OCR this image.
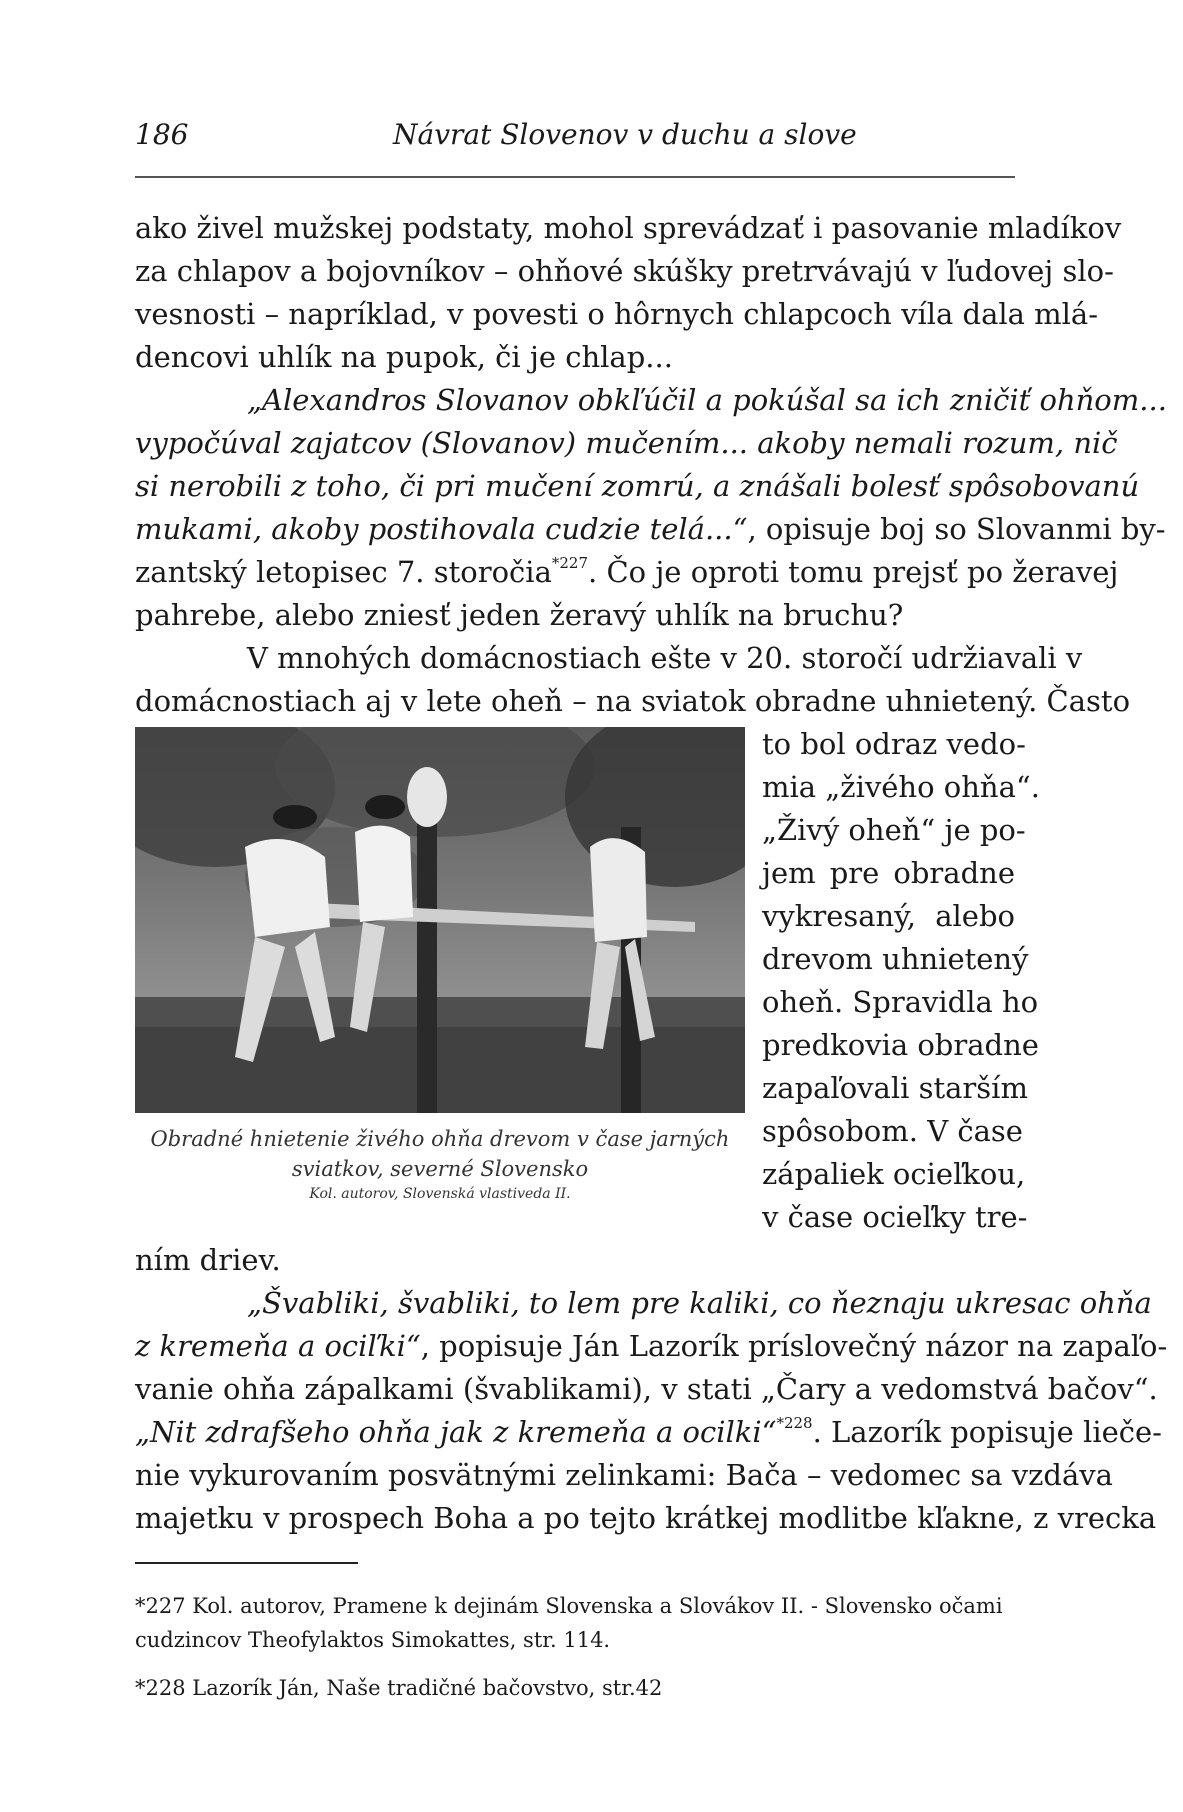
186	Návrat Slovenov v duchu a slove
ako živel mužskej podstaty, mohol sprevádzať i pasovanie mladíkov
za chlapov a bojovníkov – ohňové skúšky pretrvávajú v ľudovej slo-
vesnosti – napríklad, v povesti o hôrnych chlapcoch víla dala mlá-
dencovi uhlík na pupok, či je chlap...
„Alexandros Slovanov obkľúčil a pokúšal sa ich zničiť ohňom...
vypočúval zajatcov (Slovanov) mučením... akoby nemali rozum, nič
si nerobili z toho, či pri mučení zomrú, a znášali bolesť spôsobovanú
mukami, akoby postihovala cudzie telá...“, opisuje boj so Slovanmi by-
zantský letopisec 7. storočia$^{*227}$. Čo je oproti tomu prejsť po žeravej
pahrebe, alebo zniesť jeden žeravý uhlík na bruchu?
V mnohých domácnostiach ešte v 20. storočí udržiavali v
domácnostiach aj v lete oheň – na sviatok obradne uhnietený. Často
to bol odraz vedo-
mia „živého ohňa“.
„Živý oheň“ je po-
jem pre obradne
vykresaný, alebo
drevom uhnietený
oheň. Spravidla ho
predkovia obradne
zapaľovali starším
spôsobom. V čase
zápaliek ocieľkou,
v čase ocieľky tre-
Obradné hnietenie živého ohňa drevom v čase jarných
sviatkov, severné Slovensko
Kol. autorov, Slovenská vlastiveda II.
ním driev.
„Švabliki, švabliki, to lem pre kaliki, co ňeznaju ukresac ohňa
z kremeňa a ociľki“, popisuje Ján Lazorík príslovečný názor na zapaľo-
vanie ohňa zápalkami (švablikami), v stati „Čary a vedomstvá bačov“.
„Nit zdrafšeho ohňa jak z kremeňa a ocilki“$^{*228}$. Lazorík popisuje lieče-
nie vykurovaním posvätnými zelinkami: Bača – vedomec sa vzdáva
majetku v prospech Boha a po tejto krátkej modlitbe kľakne, z vrecka
*227 Kol. autorov, Pramene k dejinám Slovenska a Slovákov II. - Slovensko očami
cudzincov Theofylaktos Simokattes, str. 114.
*228 Lazorík Ján, Naše tradičné bačovstvo, str.42
